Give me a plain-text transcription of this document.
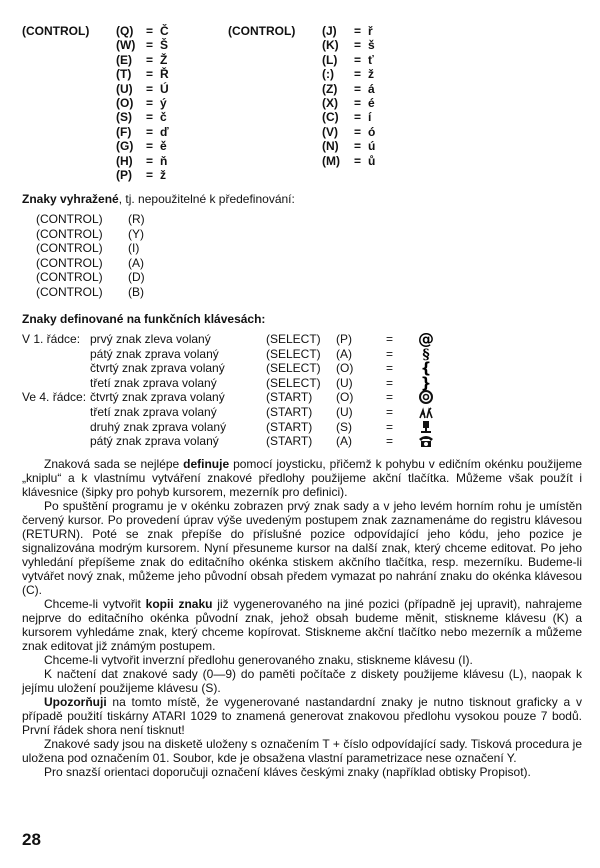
(CONTROL) (Q) = Č
(W) = Š
(E) = Ž
(T) = Ř
(U) = Ú
(O) = ý
(S) = č
(F) = ď
(G) = ě
(H) = ň
(P) = ž
(CONTROL) (J) = ř
(K) = š
(L) = ť
(:) = ž
(Z) = á
(X) = é
(C) = í
(V) = ó
(N) = ú
(M) = ů
Znaky vyhražené, tj. nepoužitelné k předefinování:
(CONTROL) (R)
(CONTROL) (Y)
(CONTROL) (I)
(CONTROL) (A)
(CONTROL) (D)
(CONTROL) (B)
Znaky definované na funkčních klávesách:
V 1. řádce: prvý znak zleva volaný	(SELECT) (P)	= @
pátý znak zprava volaný	(SELECT) (A)	= §
čtvrtý znak zprava volaný	(SELECT) (O)	= {
třetí znak zprava volaný	(SELECT) (U)	= }
Ve 4. řádce: čtvrtý znak zprava volaný	(START) (O)	=
třetí znak zprava volaný	(START) (U)	=
druhý znak zprava volaný	(START) (S)	=
pátý znak zprava volaný	(START) (A)	=

Znaková sada se nejlépe definuje pomocí joysticku, přičemž k pohybu v edičním okénku použijeme „kniplu“ a k vlastnímu vytváření znakové předlohy použijeme akční tlačítka. Můžeme však použít i klávesnice (šipky pro pohyb kursorem, mezerník pro definici).

Po spuštění programu je v okénku zobrazen prvý znak sady a v jeho levém horním rohu je umístěn červený kursor. Po provedení úprav výše uvedeným postupem znak zaznamenáme do registru klávesou (RETURN). Poté se znak přepíše do příslušné pozice odpovídající jeho kódu, jeho pozice je signalizována modrým kursorem. Nyní přesuneme kursor na další znak, který chceme editovat. Po jeho vyhledání přepíšeme znak do editačního okénka stiskem akčního tlačítka, resp. mezerníku. Budeme-li vytvářet nový znak, můžeme jeho původní obsah předem vymazat po nahrání znaku do okénka klávesou (C).

Chceme-li vytvořit kopii znaku již vygenerovaného na jiné pozici (případně jej upravit), nahrajeme nejprve do editačního okénka původní znak, jehož obsah budeme měnit, stiskneme klávesu (K) a kursorem vyhledáme znak, který chceme kopírovat. Stiskneme akční tlačítko nebo mezerník a můžeme znak editovat již známým postupem.

Chceme-li vytvořit inverzní předlohu generovaného znaku, stiskneme klávesu (I).

K načtení dat znakové sady (0—9) do paměti počítače z diskety použijeme klávesu (L), naopak k jejímu uložení použijeme klávesu (S).

Upozorňuji na tomto místě, že vygenerované nastandardní znaky je nutno tisknout graficky a v případě použití tiskárny ATARI 1029 to znamená generovat znakovou předlohu vysokou pouze 7 bodů. První řádek shora není tisknut!

Znakové sady jsou na disketě uloženy s označením T + číslo odpovídající sady. Tisková procedura je uložena pod označením 01. Soubor, kde je obsažena vlastní parametrizace nese označení Y.

Pro snazší orientaci doporučuji označení kláves českými znaky (například obtisky Propisot).

28
